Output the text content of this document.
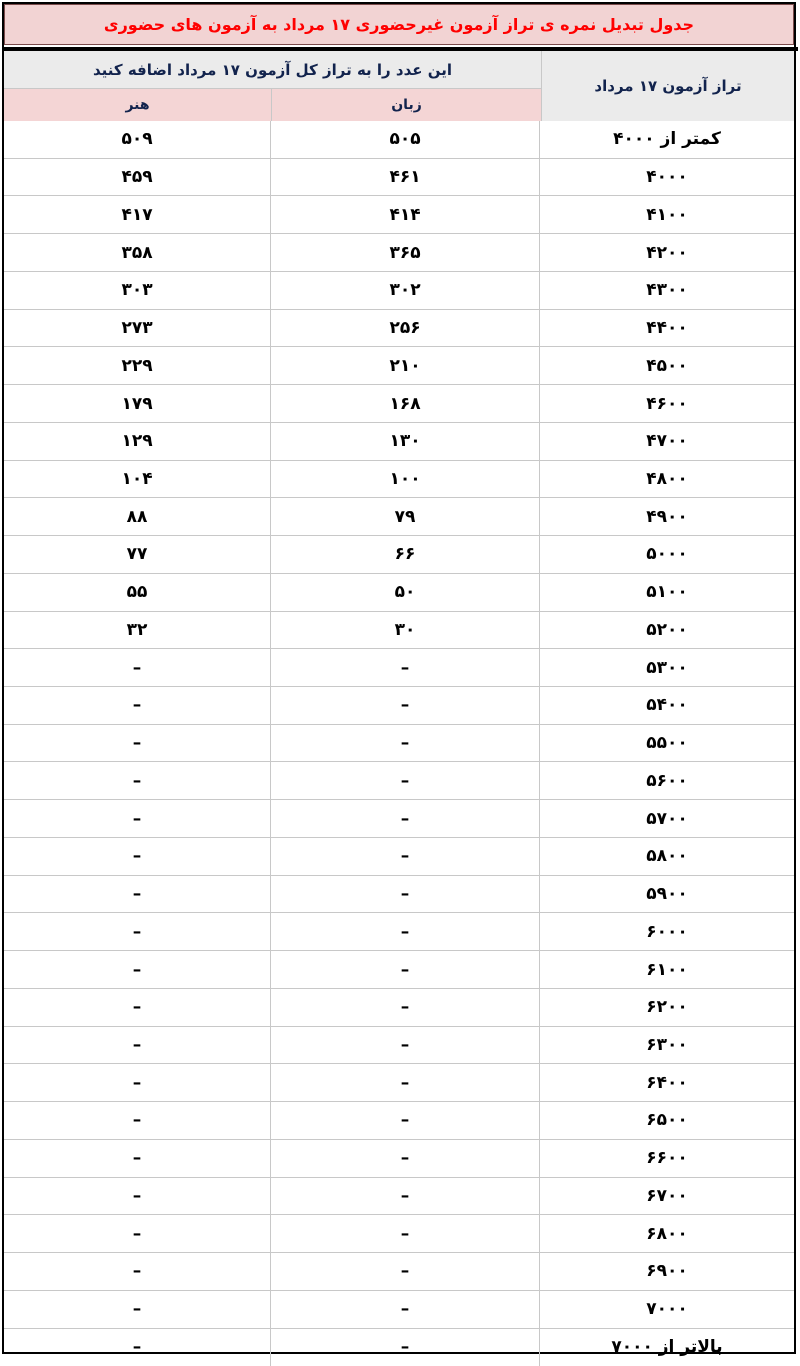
جدول تبدیل نمره ی تراز آزمون غیرحضوری ۱۷ مرداد به آزمون های حضوری
تراز آزمون ۱۷ مرداد
این عدد را به تراز کل آزمون ۱۷ مرداد اضافه کنید
زبان
هنر
۵۰۹	۵۰۵	کمتر از ۴۰۰۰
۴۵۹	۴۶۱	۴۰۰۰
۴۱۷	۴۱۴	۴۱۰۰
۳۵۸	۳۶۵	۴۲۰۰
۳۰۳	۳۰۲	۴۳۰۰
۲۷۳	۲۵۶	۴۴۰۰
۲۲۹	۲۱۰	۴۵۰۰
۱۷۹	۱۶۸	۴۶۰۰
۱۲۹	۱۳۰	۴۷۰۰
۱۰۴	۱۰۰	۴۸۰۰
۸۸	۷۹	۴۹۰۰
۷۷	۶۶	۵۰۰۰
۵۵	۵۰	۵۱۰۰
۳۲	۳۰	۵۲۰۰
–	–	۵۳۰۰
–	–	۵۴۰۰
–	–	۵۵۰۰
–	–	۵۶۰۰
–	–	۵۷۰۰
–	–	۵۸۰۰
–	–	۵۹۰۰
–	–	۶۰۰۰
–	–	۶۱۰۰
–	–	۶۲۰۰
–	–	۶۳۰۰
–	–	۶۴۰۰
–	–	۶۵۰۰
–	–	۶۶۰۰
–	–	۶۷۰۰
–	–	۶۸۰۰
–	–	۶۹۰۰
–	–	۷۰۰۰
–	–	بالاتر از ۷۰۰۰
